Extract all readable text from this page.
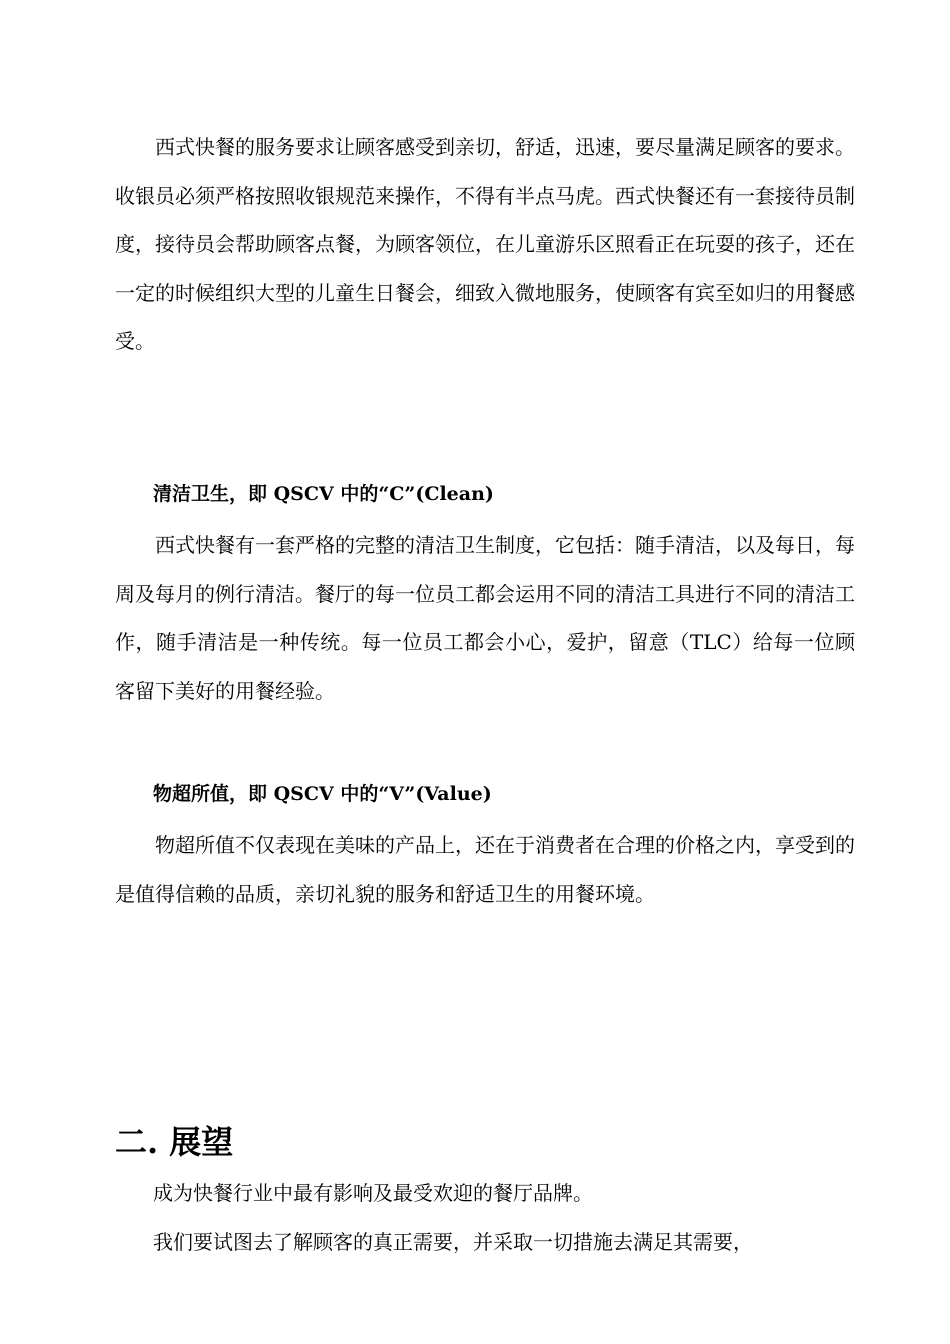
西式快餐的服务要求让顾客感受到亲切，舒适，迅速，要尽量满足顾客的要求。收银员必须严格按照收银规范来操作，不得有半点马虎。西式快餐还有一套接待员制度，接待员会帮助顾客点餐，为顾客领位，在儿童游乐区照看正在玩耍的孩子，还在一定的时候组织大型的儿童生日餐会，细致入微地服务，使顾客有宾至如归的用餐感受。

清洁卫生，即 QSCV 中的“C”(Clean)

西式快餐有一套严格的完整的清洁卫生制度，它包括：随手清洁，以及每日，每周及每月的例行清洁。餐厅的每一位员工都会运用不同的清洁工具进行不同的清洁工作，随手清洁是一种传统。每一位员工都会小心，爱护，留意（TLC）给每一位顾客留下美好的用餐经验。

物超所值，即 QSCV 中的“V”(Value)

物超所值不仅表现在美味的产品上，还在于消费者在合理的价格之内，享受到的是值得信赖的品质，亲切礼貌的服务和舒适卫生的用餐环境。

二. 展望

成为快餐行业中最有影响及最受欢迎的餐厅品牌。

我们要试图去了解顾客的真正需要，并采取一切措施去满足其需要，
